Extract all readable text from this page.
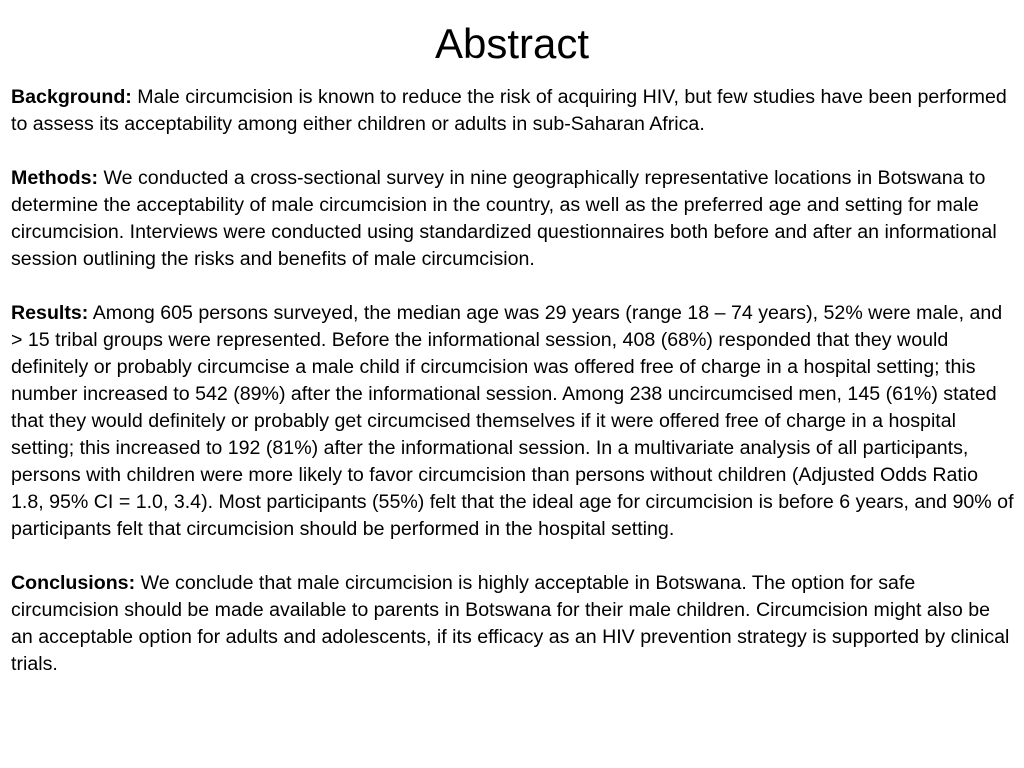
Abstract

Background: Male circumcision is known to reduce the risk of acquiring HIV, but few studies have been performed to assess its acceptability among either children or adults in sub-Saharan Africa.

Methods: We conducted a cross-sectional survey in nine geographically representative locations in Botswana to determine the acceptability of male circumcision in the country, as well as the preferred age and setting for male circumcision. Interviews were conducted using standardized questionnaires both before and after an informational session outlining the risks and benefits of male circumcision.

Results: Among 605 persons surveyed, the median age was 29 years (range 18 – 74 years), 52% were male, and > 15 tribal groups were represented. Before the informational session, 408 (68%) responded that they would definitely or probably circumcise a male child if circumcision was offered free of charge in a hospital setting; this number increased to 542 (89%) after the informational session. Among 238 uncircumcised men, 145 (61%) stated that they would definitely or probably get circumcised themselves if it were offered free of charge in a hospital setting; this increased to 192 (81%) after the informational session. In a multivariate analysis of all participants, persons with children were more likely to favor circumcision than persons without children (Adjusted Odds Ratio 1.8, 95% CI = 1.0, 3.4). Most participants (55%) felt that the ideal age for circumcision is before 6 years, and 90% of participants felt that circumcision should be performed in the hospital setting.

Conclusions: We conclude that male circumcision is highly acceptable in Botswana. The option for safe circumcision should be made available to parents in Botswana for their male children. Circumcision might also be an acceptable option for adults and adolescents, if its efficacy as an HIV prevention strategy is supported by clinical trials.
